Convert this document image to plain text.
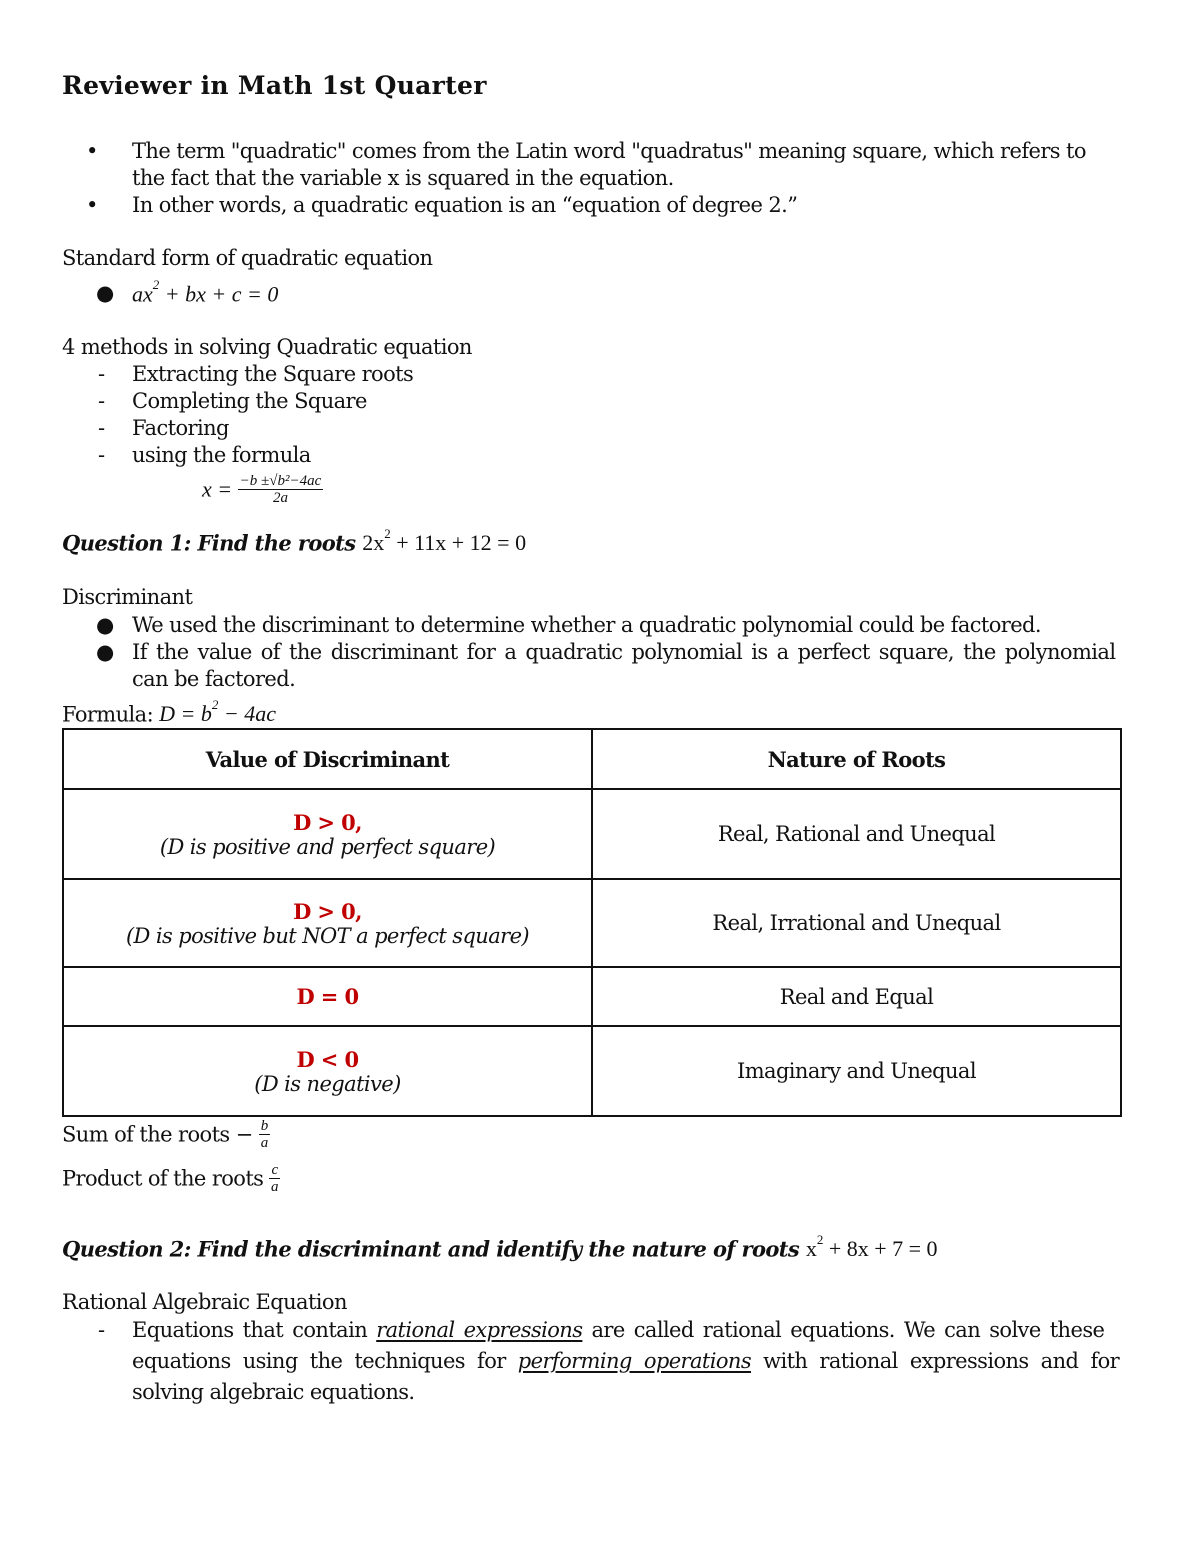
Reviewer in Math 1st Quarter
• The term "quadratic" comes from the Latin word "quadratus" meaning square, which refers to
the fact that the variable x is squared in the equation.
• In other words, a quadratic equation is an “equation of degree 2.”
Standard form of quadratic equation
● $ax^2$ + bx + c = 0
4 methods in solving Quadratic equation
- Extracting the Square roots
- Completing the Square
- Factoring
- using the formula
$x = \frac{\text{−b ±√b²−4ac}}{2a}$
Question 1: Find the roots $2x^2 + 11x + 12 = 0$
Discriminant
● We used the discriminant to determine whether a quadratic polynomial could be factored.
● If the value of the discriminant for a quadratic polynomial is a perfect square, the polynomial
can be factored.
Formula: $D = b^2 - 4ac$
Value of Discriminant	Nature of Roots

D > 0,
(D is positive and perfect square)	Real, Rational and Unequal

D > 0,
(D is positive but NOT a perfect square)	Real, Irrational and Unequal

D = 0	Real and Equal

D < 0
(D is negative)	Imaginary and Unequal
Sum of the roots − $\frac{b}{a}$
Product of the roots $\frac{c}{a}$
Question 2: Find the discriminant and identify the nature of roots $x^2 + 8x + 7 = 0$
Rational Algebraic Equation
- Equations that contain rational expressions are called rational equations. We can solve these
equations using the techniques for performing operations with rational expressions and for
solving algebraic equations.
